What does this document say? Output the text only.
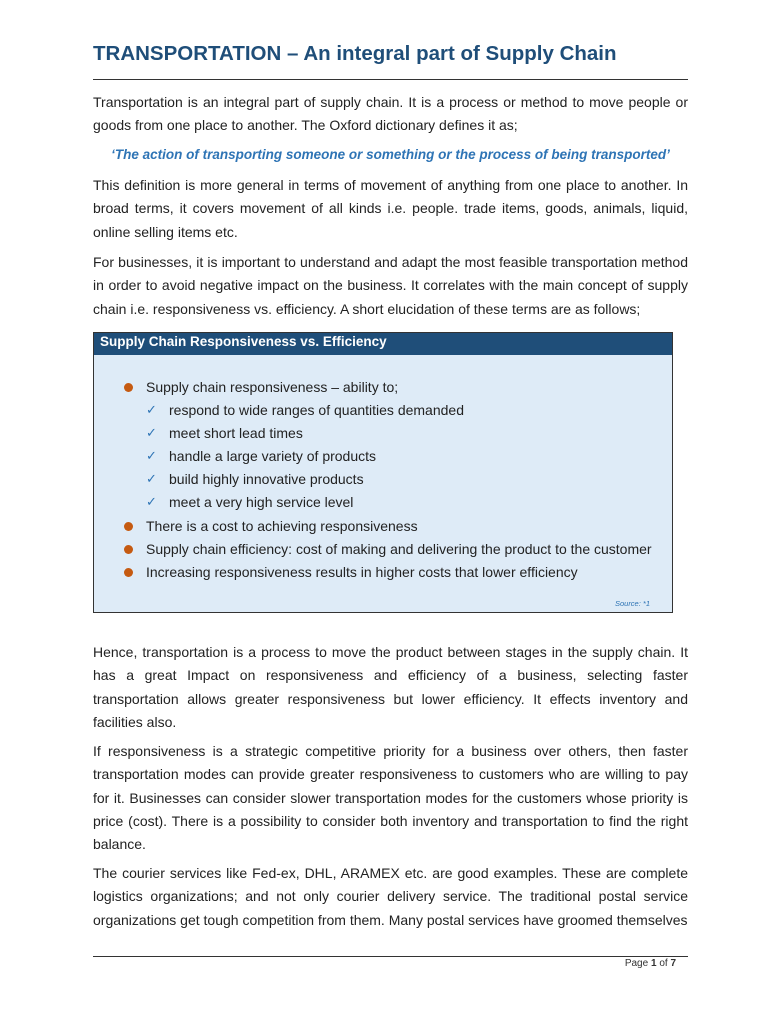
TRANSPORTATION – An integral part of Supply Chain

Transportation is an integral part of supply chain. It is a process or method to move people or goods from one place to another. The Oxford dictionary defines it as;

‘The action of transporting someone or something or the process of being transported’

This definition is more general in terms of movement of anything from one place to another. In broad terms, it covers movement of all kinds i.e. people. trade items, goods, animals, liquid, online selling items etc.

For businesses, it is important to understand and adapt the most feasible transportation method in order to avoid negative impact on the business. It correlates with the main concept of supply chain i.e. responsiveness vs. efficiency. A short elucidation of these terms are as follows;

Supply Chain Responsiveness vs. Efficiency
Supply chain responsiveness – ability to;
✓ respond to wide ranges of quantities demanded
✓ meet short lead times
✓ handle a large variety of products
✓ build highly innovative products
✓ meet a very high service level
There is a cost to achieving responsiveness
Supply chain efficiency: cost of making and delivering the product to the customer
Increasing responsiveness results in higher costs that lower efficiency
Source: *1

Hence, transportation is a process to move the product between stages in the supply chain. It has a great Impact on responsiveness and efficiency of a business, selecting faster transportation allows greater responsiveness but lower efficiency. It effects inventory and facilities also.

If responsiveness is a strategic competitive priority for a business over others, then faster transportation modes can provide greater responsiveness to customers who are willing to pay for it. Businesses can consider slower transportation modes for the customers whose priority is price (cost). There is a possibility to consider both inventory and transportation to find the right balance.

The courier services like Fed-ex, DHL, ARAMEX etc. are good examples. These are complete logistics organizations; and not only courier delivery service. The traditional postal service organizations get tough competition from them. Many postal services have groomed themselves

Page 1 of 7
